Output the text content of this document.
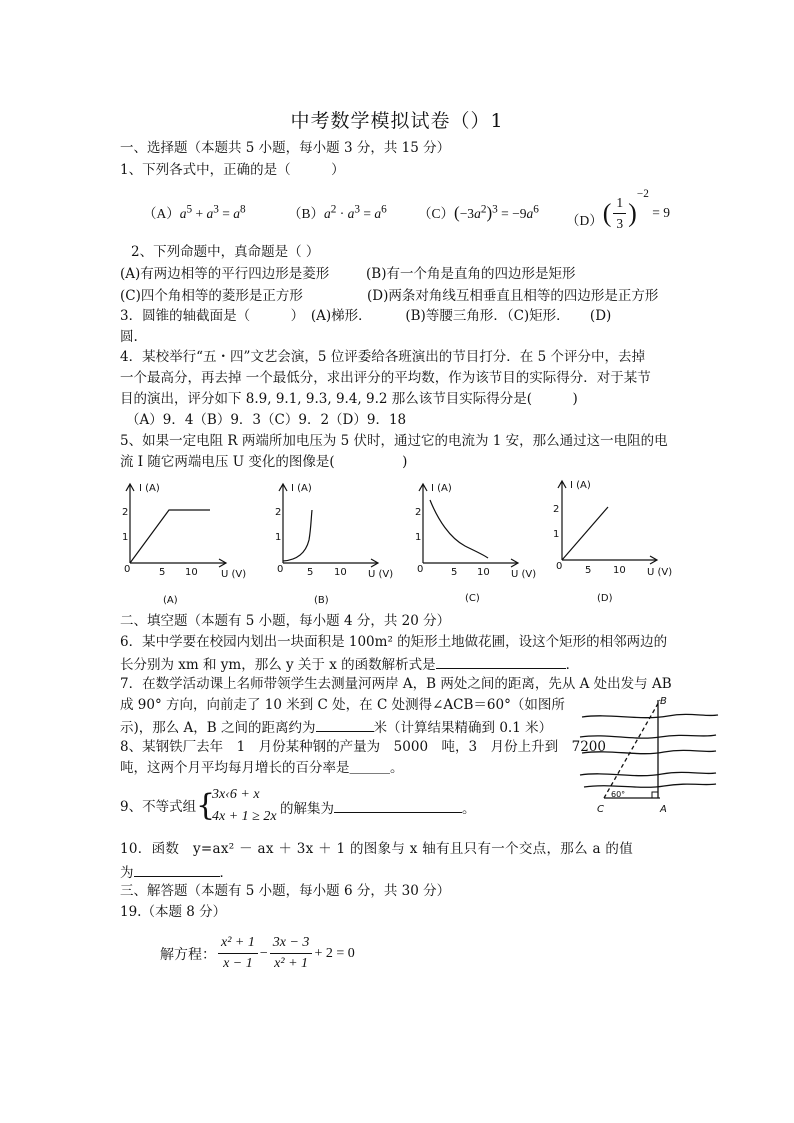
中考数学模拟试卷（）1
一、选择题（本题共 5 小题，每小题 3 分，共 15 分）
1、下列各式中，正确的是（　　　）
$(A)a^5 + a^3 = a^8$	$(B)a^2 \cdot a^3 = a^6$ $(C)(-3a^2)^3 = -9a^6$
$(D)( \frac{1}{3} )^{-2} = 9$
2、下列命题中，真命题是（ ）
(A)有两边相等的平行四边形是菱形	(B)有一个角是直角的四边形是矩形
(C)四个角相等的菱形是正方形	(D)两条对角线互相垂直且相等的四边形是正方形
3．圆锥的轴截面是（　　　）　(A)梯形．　　　(B)等腰三角形．（C)矩形．　　(D)
圆.
4．某校举行“五・四”文艺会演，5 位评委给各班演出的节目打分．在 5 个评分中，去掉
一个最高分，再去掉 一个最低分，求出评分的平均数，作为该节目的实际得分．对于某节
目的演出，评分如下 8.9, 9.1, 9.3, 9.4, 9.2 那么该节目实际得分是(　　　)
（A）9．4（B）9．3（C）9．2（D）9．18
5、如果一定电阻 R 两端所加电压为 5 伏时，通过它的电流为 1 安，那么通过这一电阻的电
流 I 随它两端电压 U 变化的图像是(　　　　　)
I (A)
2
1
0	5 10 U (V)
(A)
I (A)
2
1
0 5 10 U (V)
(B)
I (A)
2
1
0	5 10 U (V)
(C)
I (A)
2
1
0 5 10 U (V)
(D)
B
A
C
60°
二、填空题（本题有 5 小题，每小题 4 分，共 20 分）
6．某中学要在校园内划出一块面积是 100m² 的矩形土地做花圃，设这个矩形的相邻两边的
长分别为 xm 和 ym，那么 y 关于 x 的函数解析式是	．
7．在数学活动课上名师带领学生去测量河两岸 A，B 两处之间的距离，先从 A 处出发与 AB
成 90° 方向，向前走了 10 米到 C 处，在 C 处测得∠ACB＝60°（如图所
示)，那么 A，B 之间的距离约为	米（计算结果精确到 0.1 米）
8、某钢铁厂去年　1　月份某种钢的产量为　5000　吨，3　月份上升到　7200
吨，这两个月平均每月增长的百分率是＿＿＿。
9、不等式组 {
3x‹6 + x
4x + 1 ≥ 2x 的解集为	。
10．函数　y=ax² － ax ＋ 3x ＋ 1 的图象与 x 轴有且只有一个交点，那么 a 的值
为	．
三、解答题（本题有 5 小题，每小题 6 分，共 30 分）
19.（本题 8 分）
解方程： $\frac{\text{x² + 1}}{x - 1} - \frac{3x - 3}{\text{x² + 1}} + 2 = 0$
